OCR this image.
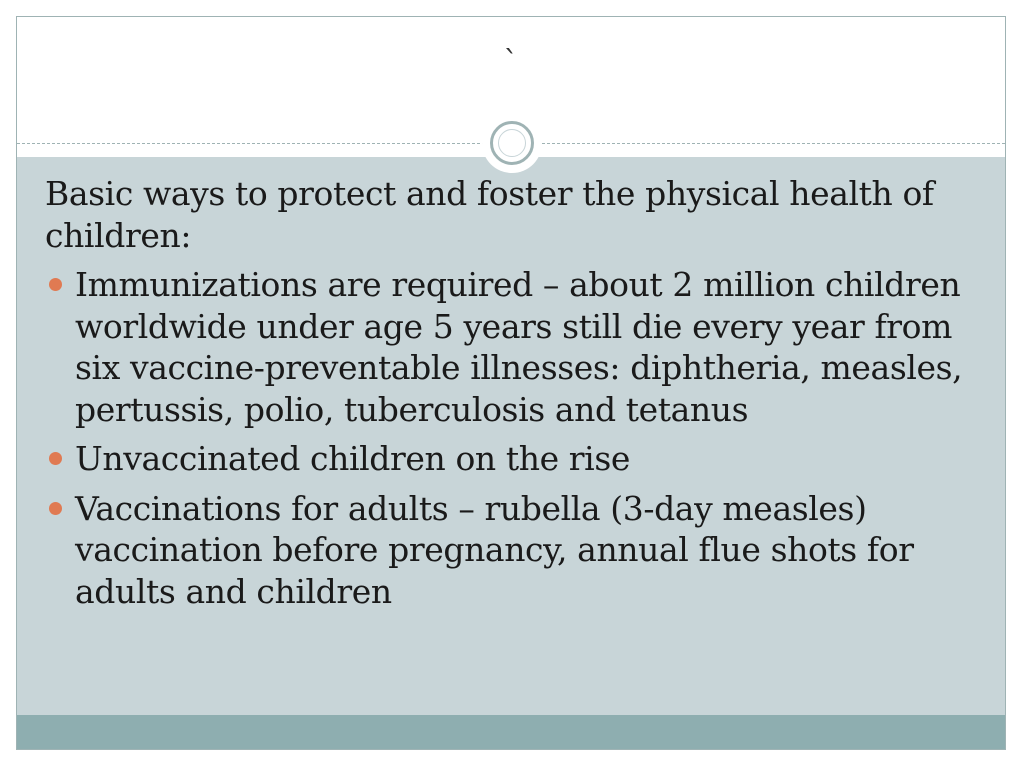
`

Basic ways to protect and foster the physical health of children:

Immunizations are required – about 2 million children worldwide under age 5 years still die every year from six vaccine-preventable illnesses: diphtheria, measles, pertussis, polio, tuberculosis and tetanus
Unvaccinated children on the rise
Vaccinations for adults – rubella (3-day measles) vaccination before pregnancy, annual flue shots for adults and children
